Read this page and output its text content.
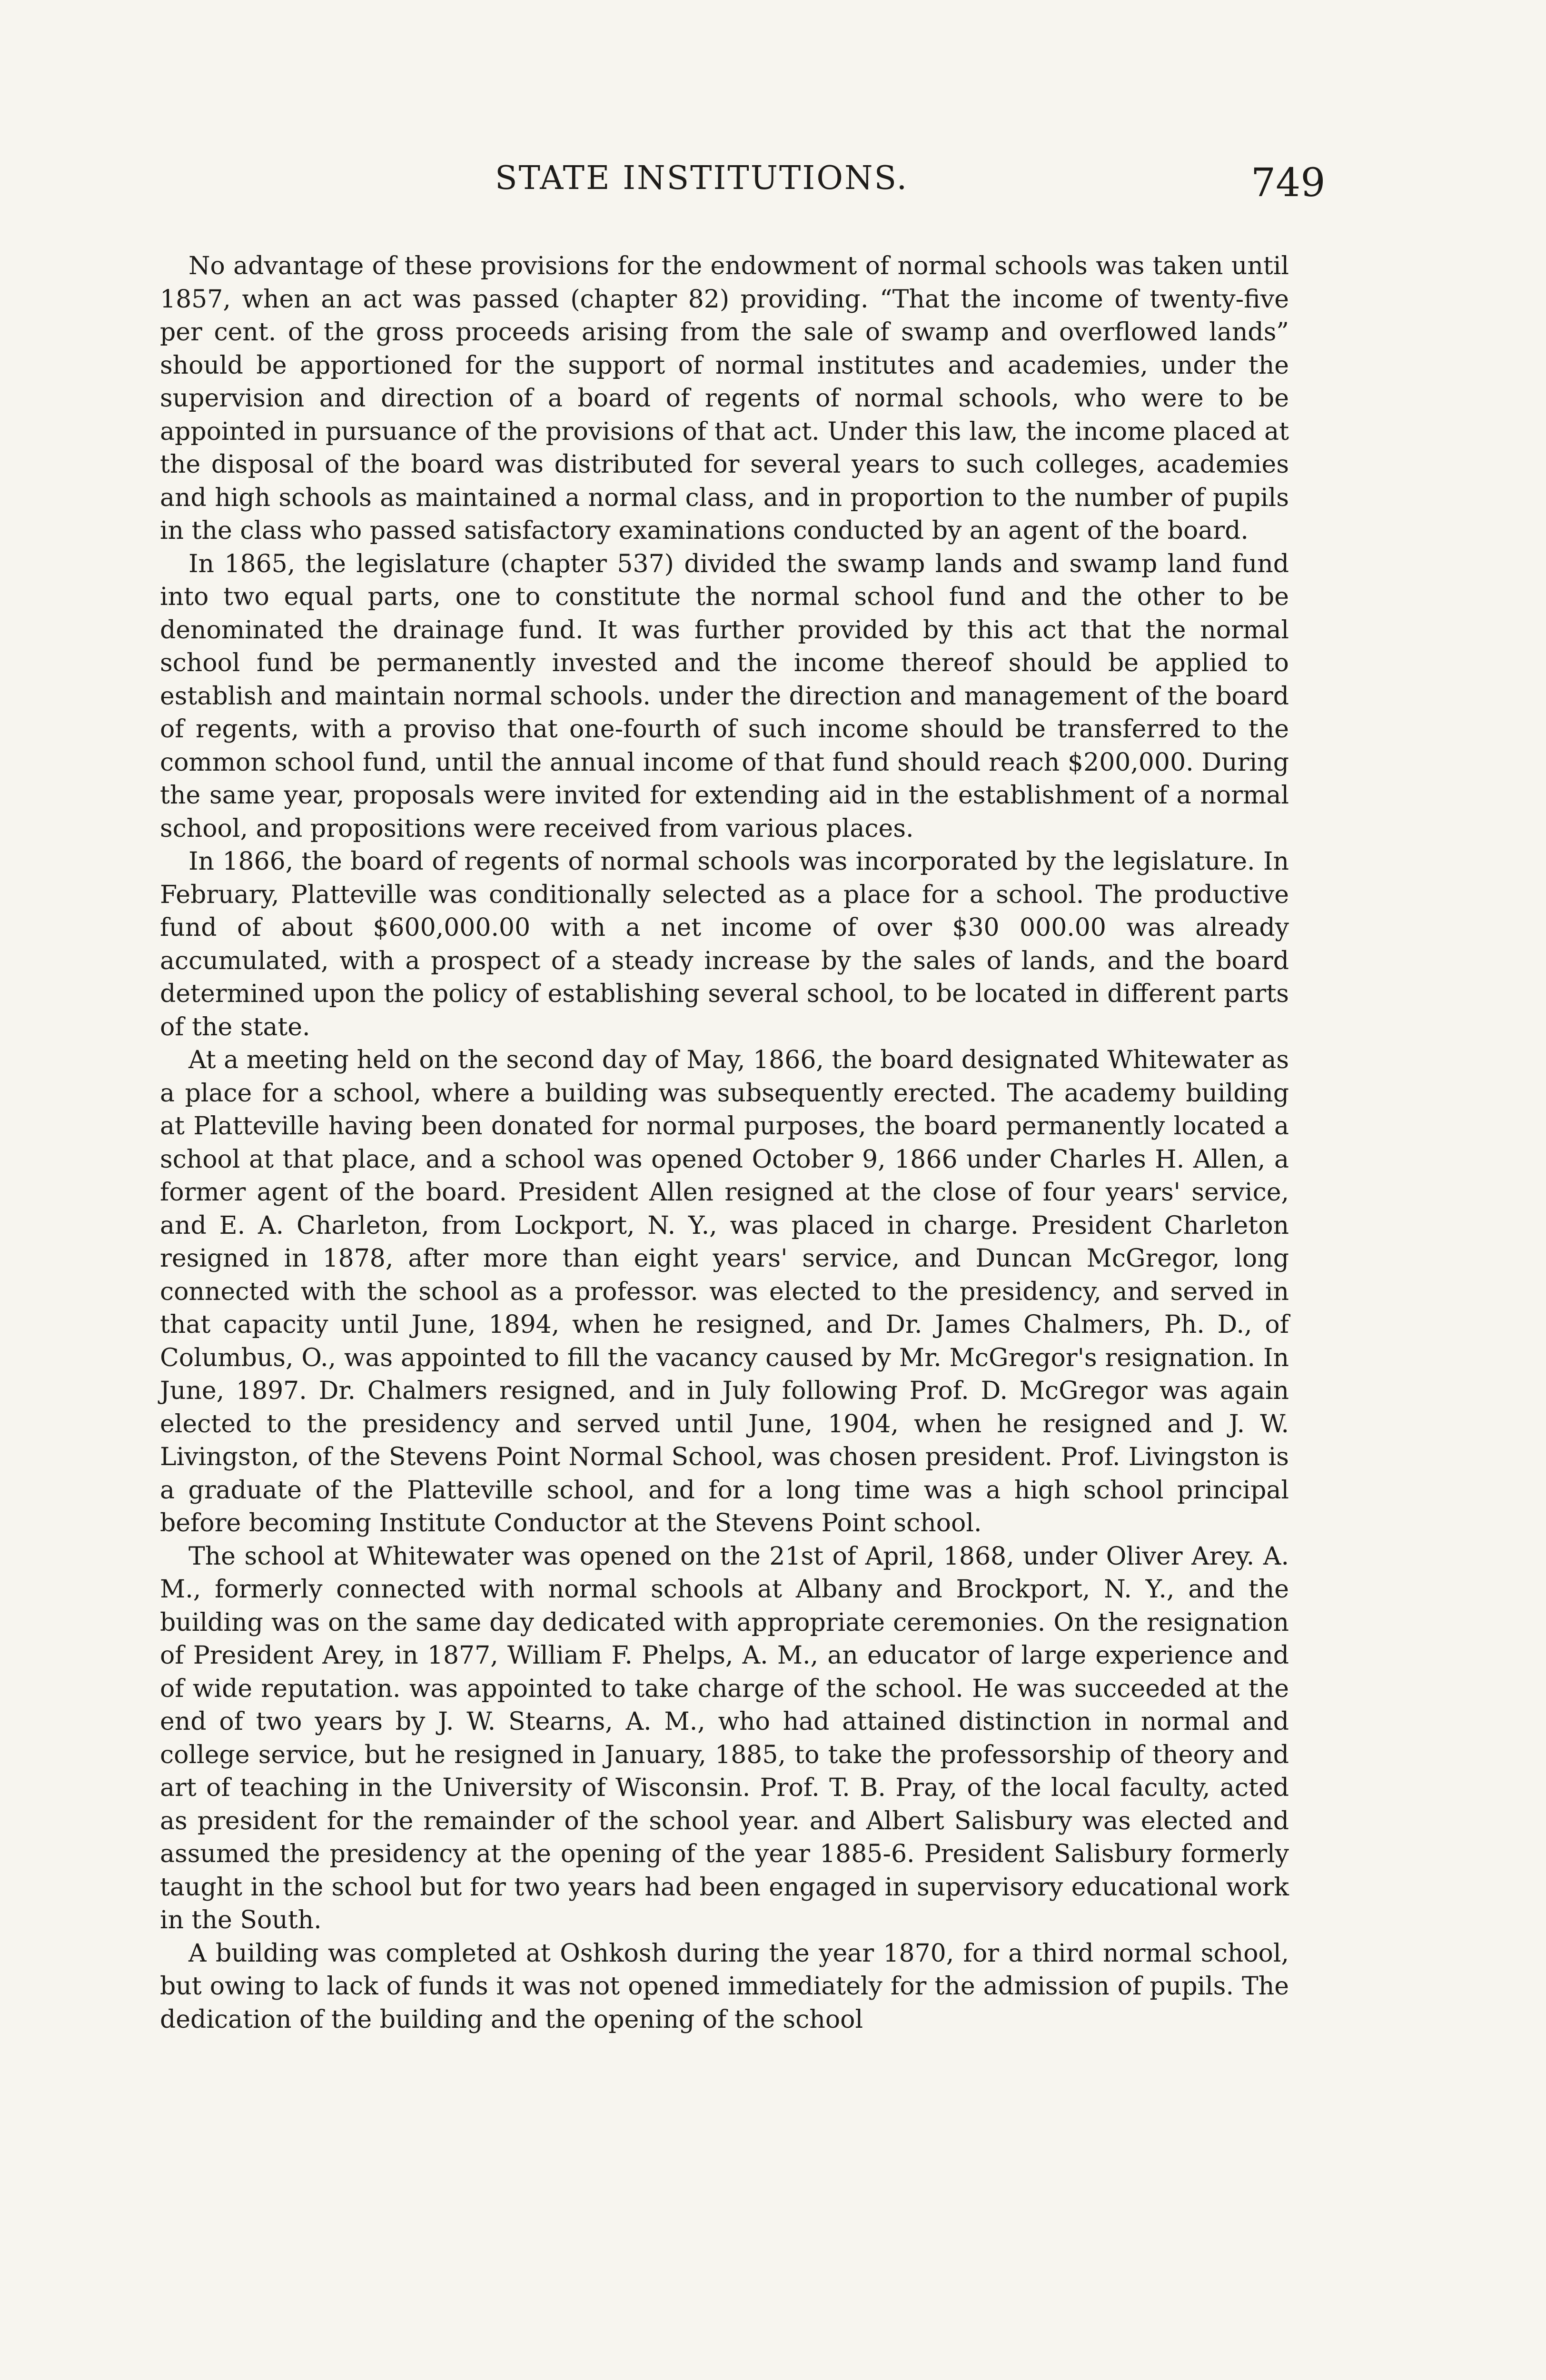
STATE INSTITUTIONS.	749

No advantage of these provisions for the endowment of normal schools was taken until 1857, when an act was passed (chapter 82) providing. “That the income of twenty-five per cent. of the gross proceeds arising from the sale of swamp and overflowed lands” should be apportioned for the support of normal institutes and academies, under the supervision and direction of a board of regents of normal schools, who were to be appointed in pursuance of the provisions of that act. Under this law, the income placed at the disposal of the board was distributed for several years to such colleges, academies and high schools as maintained a normal class, and in proportion to the number of pupils in the class who passed satisfactory examinations conducted by an agent of the board.

In 1865, the legislature (chapter 537) divided the swamp lands and swamp land fund into two equal parts, one to constitute the normal school fund and the other to be denominated the drainage fund. It was further provided by this act that the normal school fund be permanently invested and the income thereof should be applied to establish and maintain normal schools. under the direction and management of the board of regents, with a proviso that one-fourth of such income should be transferred to the common school fund, until the annual income of that fund should reach $200,000. During the same year, proposals were invited for extending aid in the establishment of a normal school, and propositions were received from various places.

In 1866, the board of regents of normal schools was incorporated by the legislature. In February, Platteville was conditionally selected as a place for a school. The productive fund of about $600,000.00 with a net income of over $30 000.00 was already accumulated, with a prospect of a steady increase by the sales of lands, and the board determined upon the policy of establishing several school, to be located in different parts of the state.

At a meeting held on the second day of May, 1866, the board designated Whitewater as a place for a school, where a building was subsequently erected. The academy building at Platteville having been donated for normal purposes, the board permanently located a school at that place, and a school was opened October 9, 1866 under Charles H. Allen, a former agent of the board. President Allen resigned at the close of four years' service, and E. A. Charleton, from Lockport, N. Y., was placed in charge. President Charleton resigned in 1878, after more than eight years' service, and Duncan McGregor, long connected with the school as a professor. was elected to the presidency, and served in that capacity until June, 1894, when he resigned, and Dr. James Chalmers, Ph. D., of Columbus, O., was appointed to fill the vacancy caused by Mr. McGregor's resignation. In June, 1897. Dr. Chalmers resigned, and in July following Prof. D. McGregor was again elected to the presidency and served until June, 1904, when he resigned and J. W. Livingston, of the Stevens Point Normal School, was chosen president. Prof. Livingston is a graduate of the Platteville school, and for a long time was a high school principal before becoming Institute Conductor at the Stevens Point school.

The school at Whitewater was opened on the 21st of April, 1868, under Oliver Arey. A. M., formerly connected with normal schools at Albany and Brockport, N. Y., and the building was on the same day dedicated with appropriate ceremonies. On the resignation of President Arey, in 1877, William F. Phelps, A. M., an educator of large experience and of wide reputation. was appointed to take charge of the school. He was succeeded at the end of two years by J. W. Stearns, A. M., who had attained distinction in normal and college service, but he resigned in January, 1885, to take the professorship of theory and art of teaching in the University of Wisconsin. Prof. T. B. Pray, of the local faculty, acted as president for the remainder of the school year. and Albert Salisbury was elected and assumed the presidency at the opening of the year 1885-6. President Salisbury formerly taught in the school but for two years had been engaged in supervisory educational work in the South.

A building was completed at Oshkosh during the year 1870, for a third normal school, but owing to lack of funds it was not opened immediately for the admission of pupils. The dedication of the building and the opening of the school
